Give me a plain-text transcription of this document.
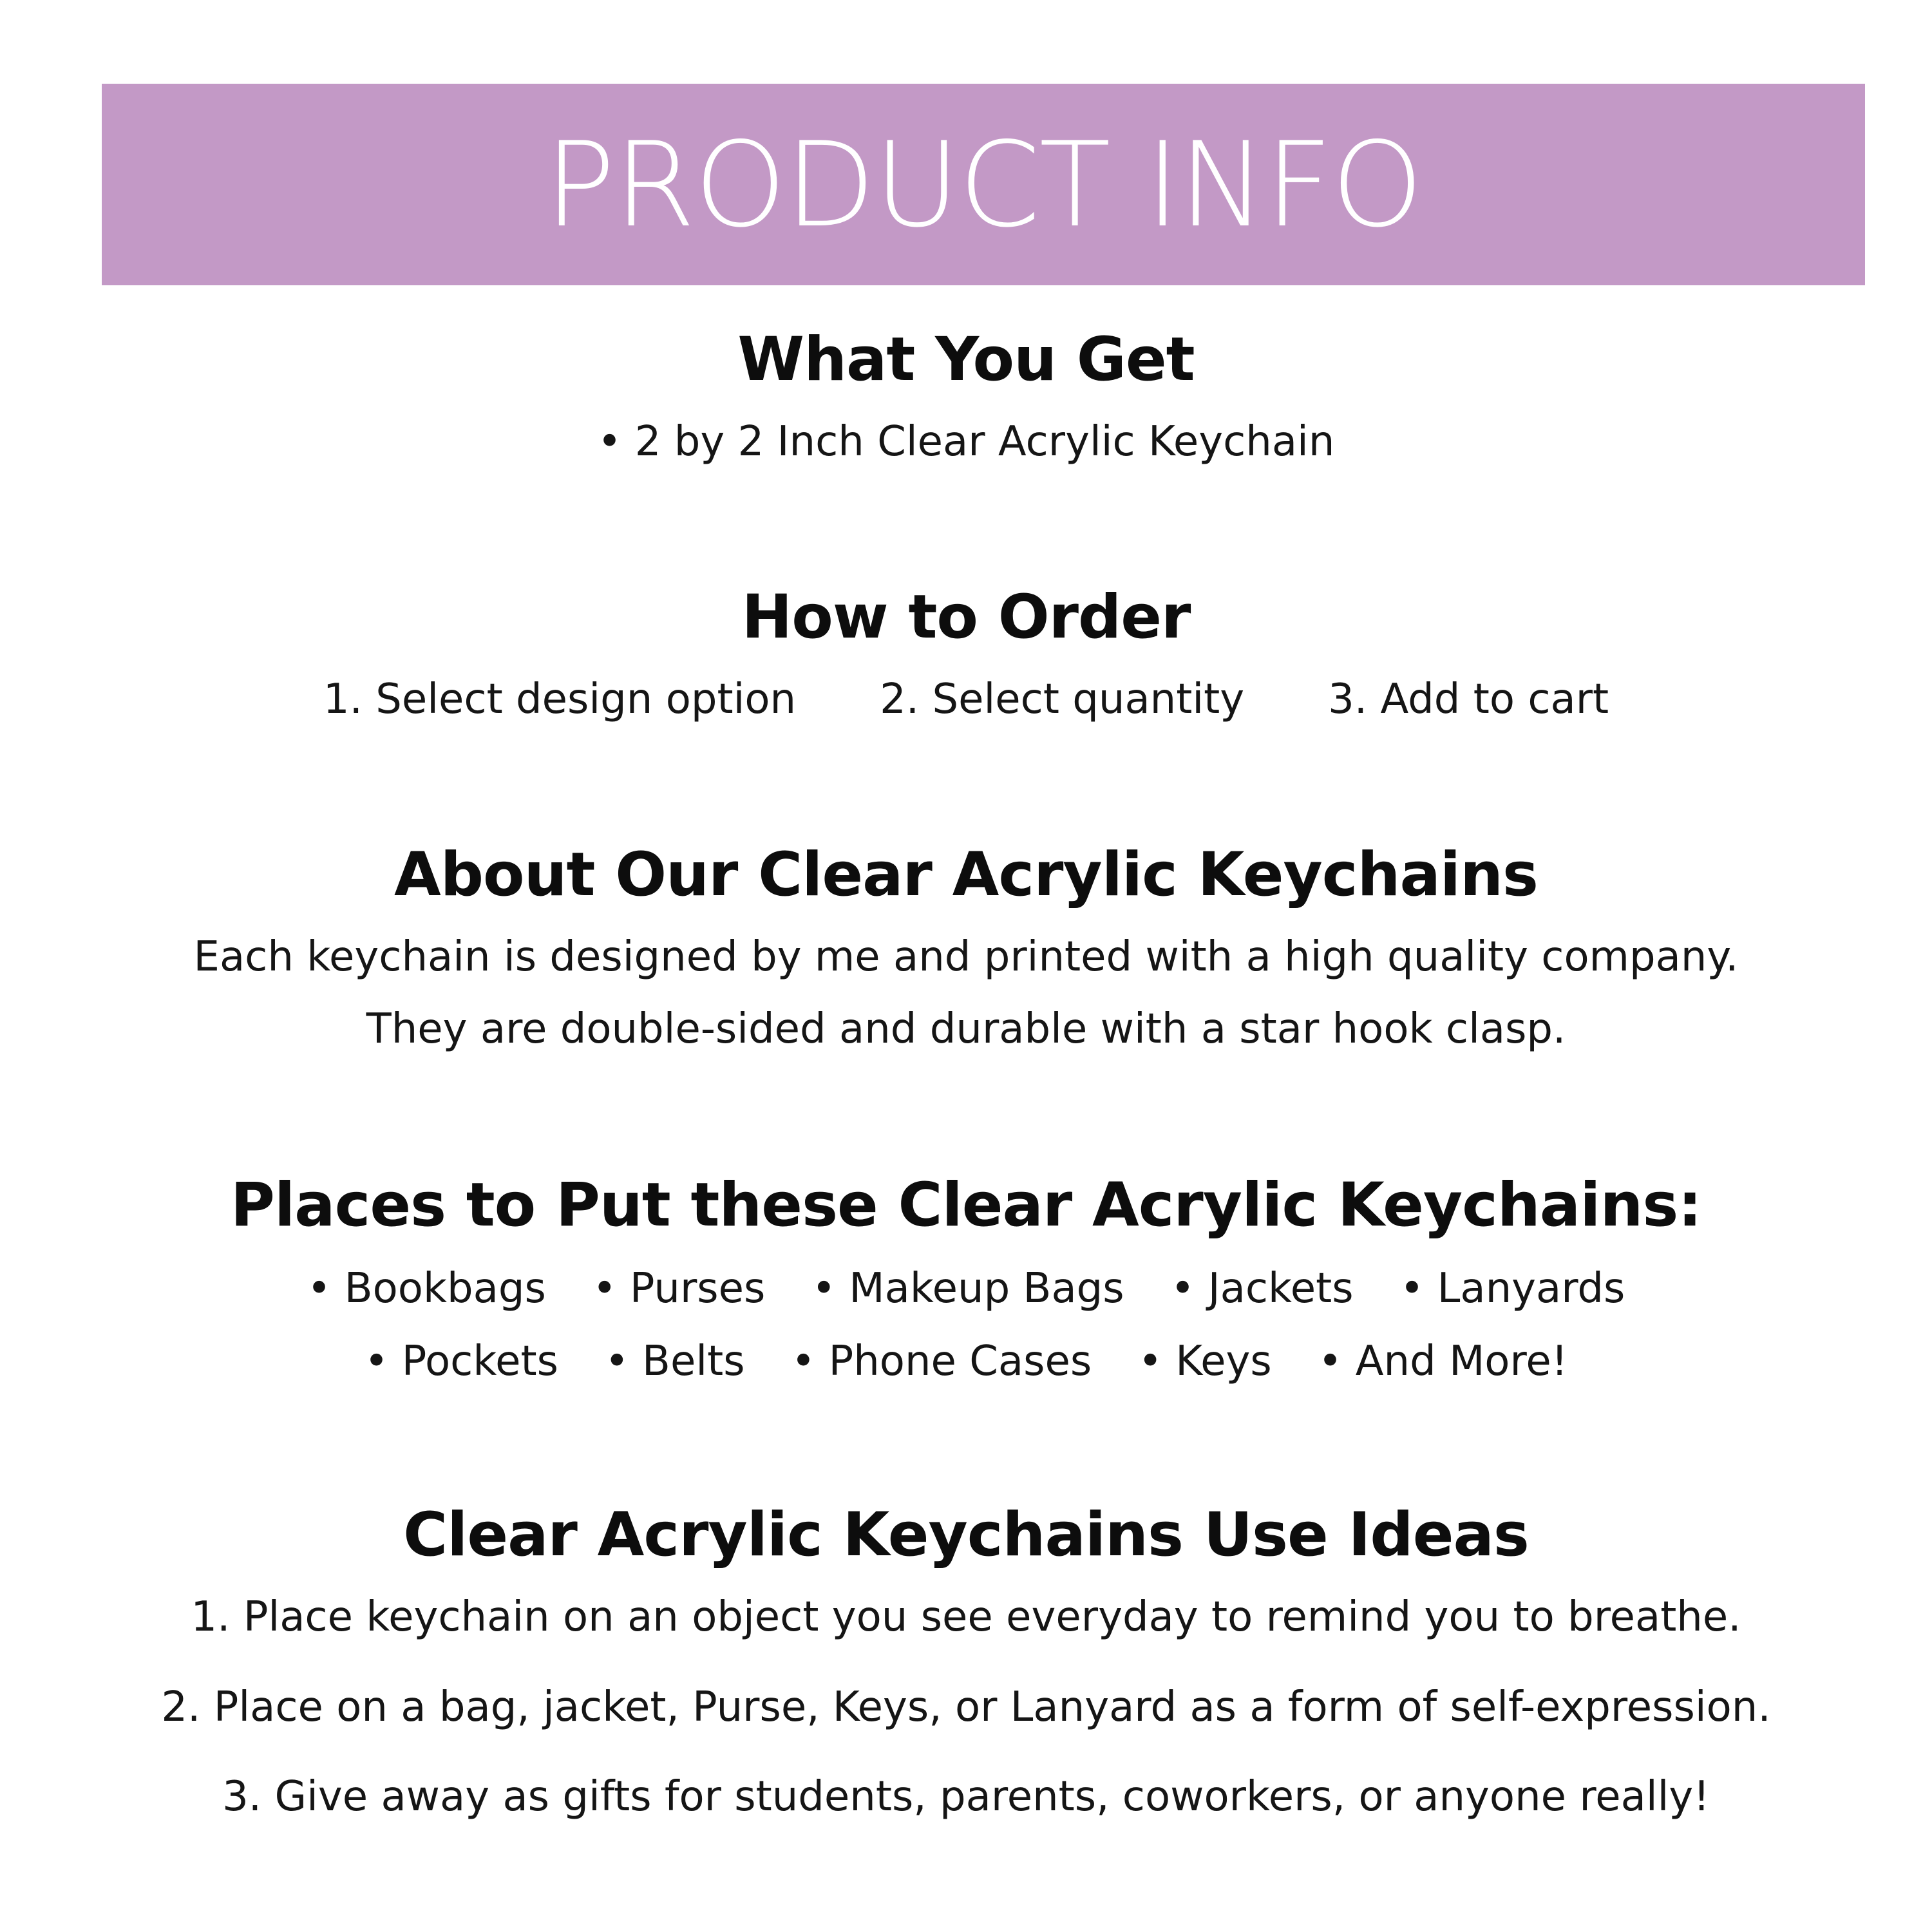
PRODUCT INFO
What You Get
• 2 by 2 Inch Clear Acrylic Keychain
How to Order
1. Select design option 2. Select quantity 3. Add to cart
About Our Clear Acrylic Keychains
Each keychain is designed by me and printed with a high quality company.
They are double-sided and durable with a star hook clasp.
Places to Put these Clear Acrylic Keychains:
• Bookbags • Purses • Makeup Bags • Jackets • Lanyards
• Pockets • Belts • Phone Cases • Keys • And More!
Clear Acrylic Keychains Use Ideas
1. Place keychain on an object you see everyday to remind you to breathe.
2. Place on a bag, jacket, Purse, Keys, or Lanyard as a form of self-expression.
3. Give away as gifts for students, parents, coworkers, or anyone really!
